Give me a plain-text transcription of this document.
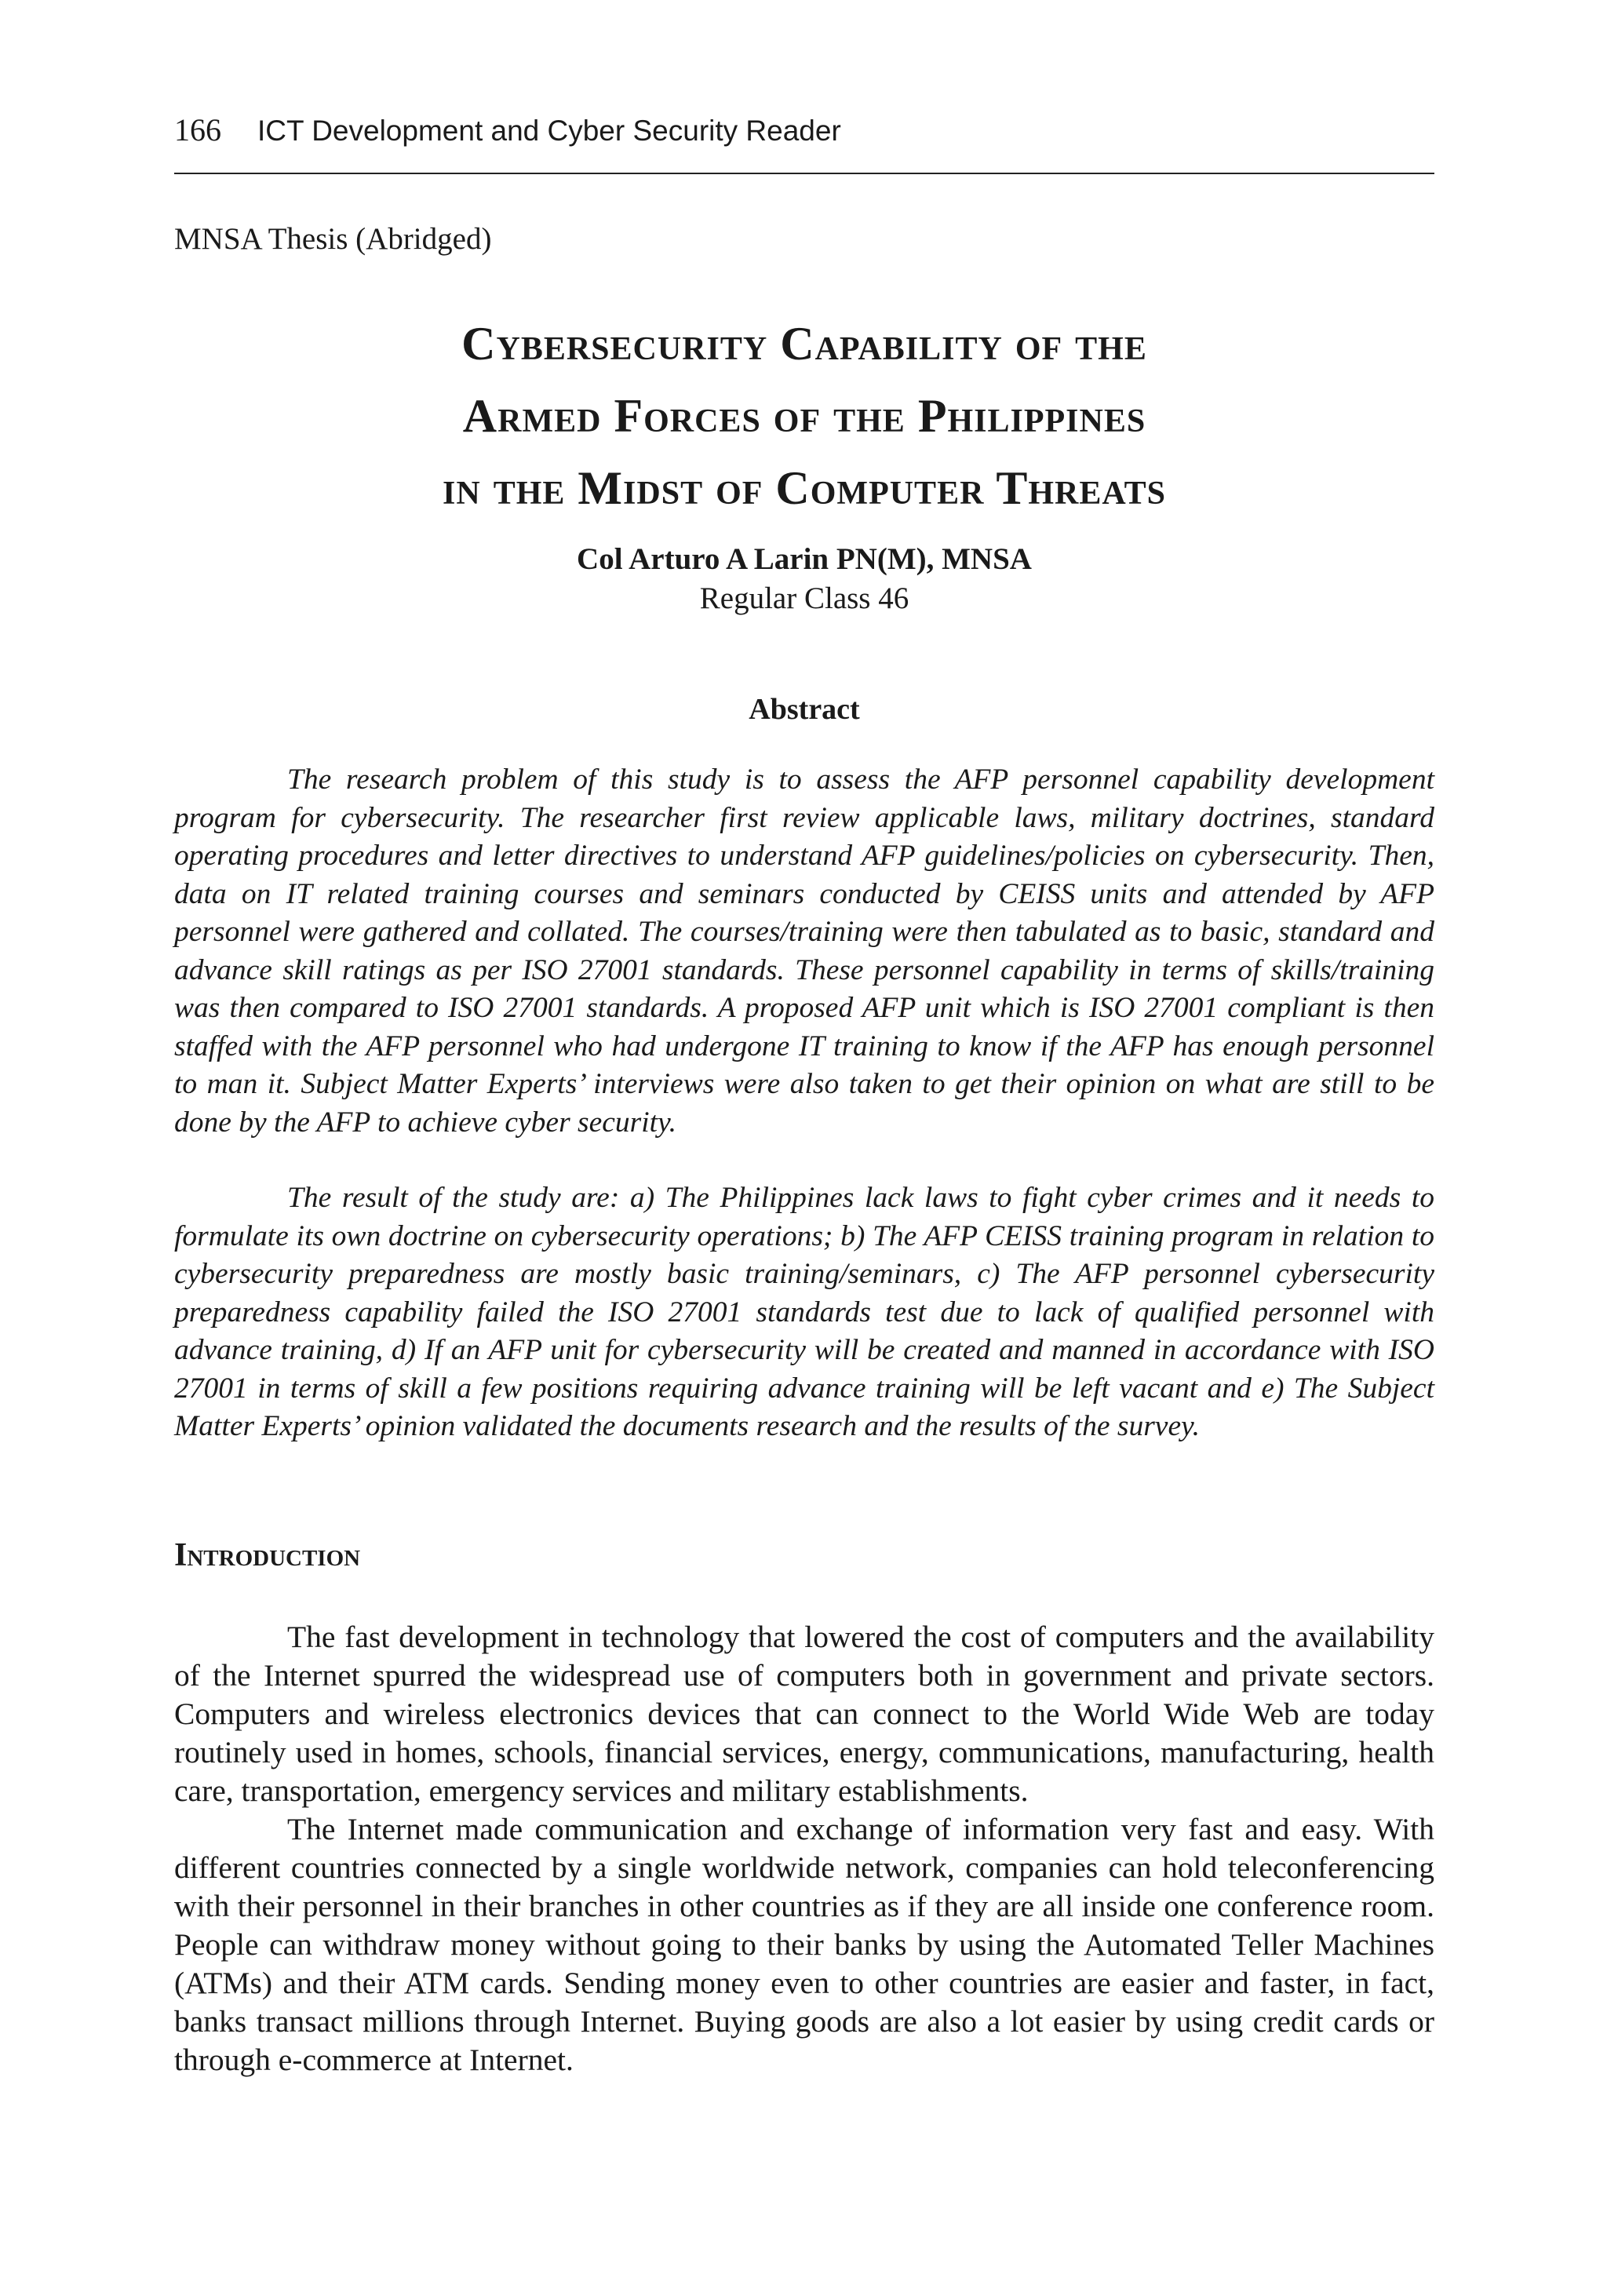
166 ICT Development and Cyber Security Reader
MNSA Thesis (Abridged)
Cybersecurity Capability of the
Armed Forces of the Philippines
in the Midst of Computer Threats
Col Arturo A Larin PN(M), MNSA
Regular Class 46
Abstract

The research problem of this study is to assess the AFP personnel capability development program for cybersecurity. The researcher first review applicable laws, military doctrines, standard operating procedures and letter directives to understand AFP guidelines/policies on cybersecurity. Then, data on IT related training courses and seminars conducted by CEISS units and attended by AFP personnel were gathered and collated. The courses/training were then tabulated as to basic, standard and advance skill ratings as per ISO 27001 standards. These personnel capability in terms of skills/training was then compared to ISO 27001 standards. A proposed AFP unit which is ISO 27001 compliant is then staffed with the AFP personnel who had undergone IT training to know if the AFP has enough personnel to man it. Subject Matter Experts’ interviews were also taken to get their opinion on what are still to be done by the AFP to achieve cyber security.

The result of the study are: a) The Philippines lack laws to fight cyber crimes and it needs to formulate its own doctrine on cybersecurity operations; b) The AFP CEISS training program in relation to cybersecurity preparedness are mostly basic training/seminars, c) The AFP personnel cybersecurity preparedness capability failed the ISO 27001 standards test due to lack of qualified personnel with advance training, d) If an AFP unit for cybersecurity will be created and manned in accordance with ISO 27001 in terms of skill a few positions requiring advance training will be left vacant and e) The Subject Matter Experts’ opinion validated the documents research and the results of the survey.

Introduction

The fast development in technology that lowered the cost of computers and the availability of the Internet spurred the widespread use of computers both in government and private sectors. Computers and wireless electronics devices that can connect to the World Wide Web are today routinely used in homes, schools, financial services, energy, communications, manufacturing, health care, transportation, emergency services and military establishments.

The Internet made communication and exchange of information very fast and easy. With different countries connected by a single worldwide network, companies can hold teleconferencing with their personnel in their branches in other countries as if they are all inside one conference room. People can withdraw money without going to their banks by using the Automated Teller Machines (ATMs) and their ATM cards. Sending money even to other countries are easier and faster, in fact, banks transact millions through Internet. Buying goods are also a lot easier by using credit cards or through e-commerce at Internet.
